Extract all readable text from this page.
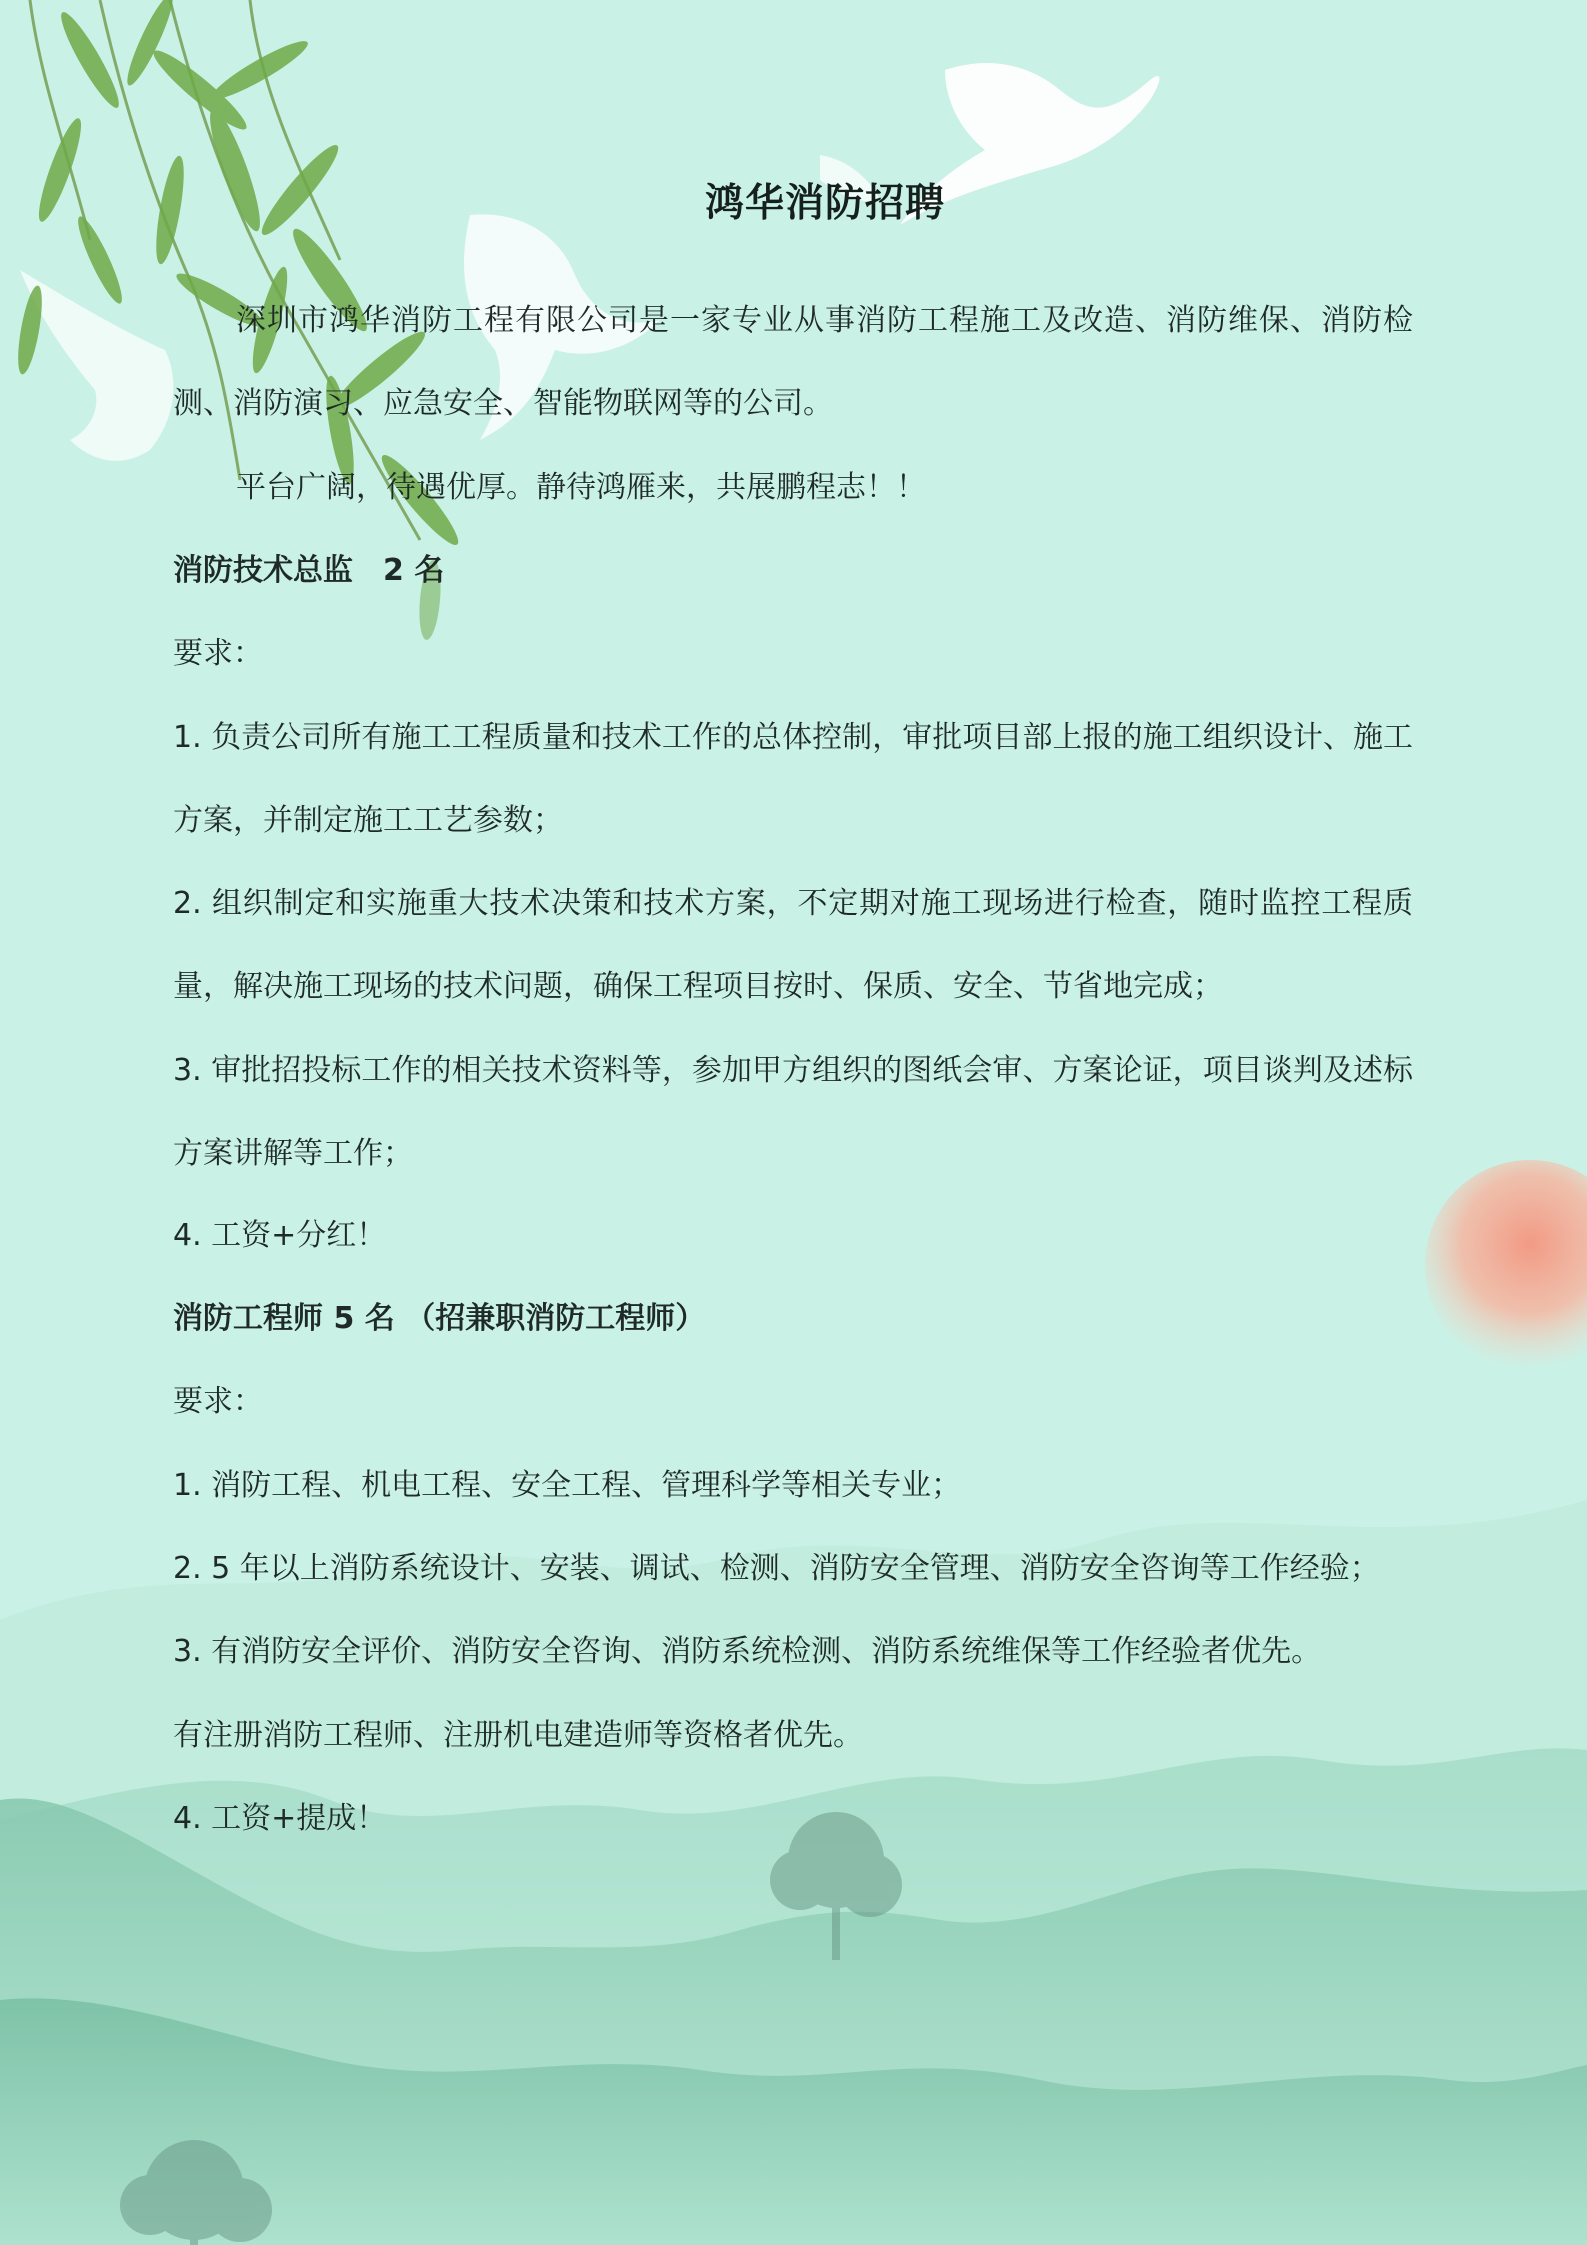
鸿华消防招聘

深圳市鸿华消防工程有限公司是一家专业从事消防工程施工及改造、消防维保、消防检测、消防演习、应急安全、智能物联网等的公司。

平台广阔，待遇优厚。静待鸿雁来，共展鹏程志！！
消防技术总监　2 名
要求：

1. 负责公司所有施工工程质量和技术工作的总体控制，审批项目部上报的施工组织设计、施工方案，并制定施工工艺参数；

2. 组织制定和实施重大技术决策和技术方案，不定期对施工现场进行检查，随时监控工程质量，解决施工现场的技术问题，确保工程项目按时、保质、安全、节省地完成；

3. 审批招投标工作的相关技术资料等，参加甲方组织的图纸会审、方案论证，项目谈判及述标方案讲解等工作；

4. 工资+分红！
消防工程师 5 名 （招兼职消防工程师）
要求：
1. 消防工程、机电工程、安全工程、管理科学等相关专业；
2. 5 年以上消防系统设计、安装、调试、检测、消防安全管理、消防安全咨询等工作经验；
3. 有消防安全评价、消防安全咨询、消防系统检测、消防系统维保等工作经验者优先。
有注册消防工程师、注册机电建造师等资格者优先。
4. 工资+提成！
